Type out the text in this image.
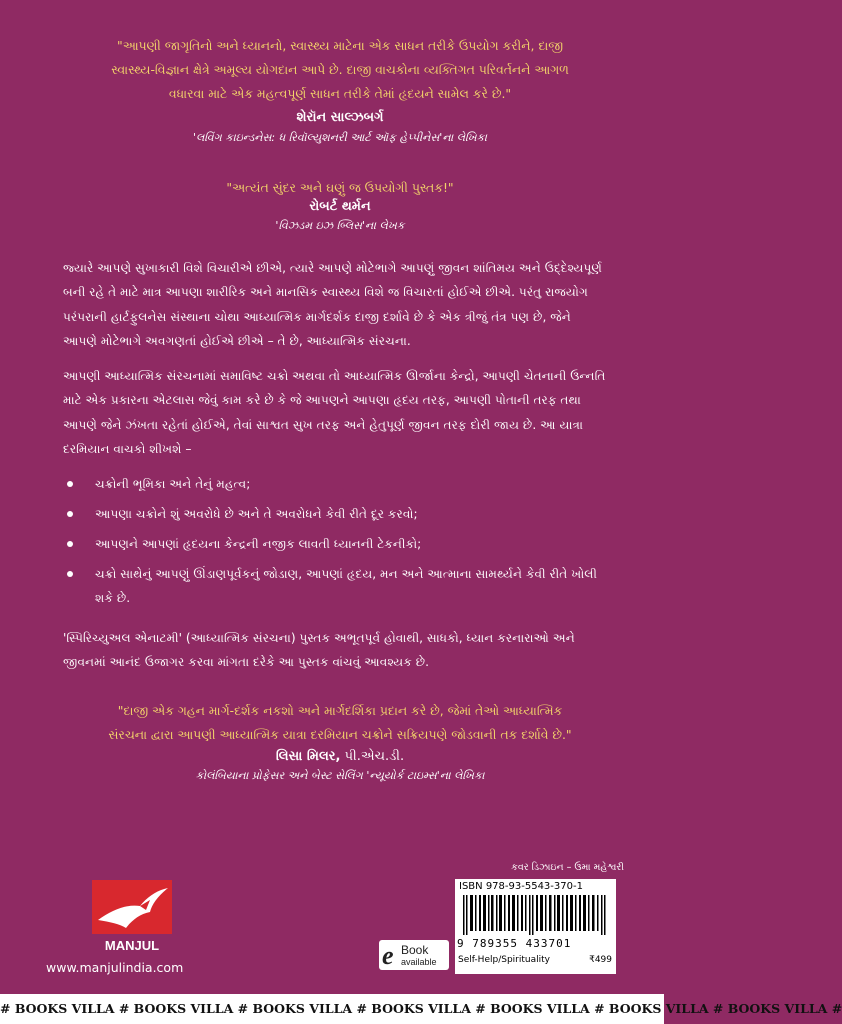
"આપણી જાગૃતિનો અને ધ્યાનનો, સ્વાસ્થ્ય માટેના એક સાધન તરીકે ઉપયોગ કરીને, દાજી
સ્વાસ્થ્ય-વિજ્ઞાન ક્ષેત્રે અમૂલ્ય યોગદાન આપે છે. દાજી વાચકોના વ્યક્તિગત પરિવર્તનને આગળ
વધારવા માટે એક મહત્વપૂર્ણ સાધન તરીકે તેમાં હૃદયને સામેલ કરે છે."
શેરૉન સાલ્ઝબર્ગ
'લવિંગ કાઇન્ડનેસ: ધ રિવૉલ્યુશનરી આર્ટ ઑફ હેપ્પીનેસ'ના લેખિકા
"અત્યંત સુંદર અને ઘણું જ ઉપયોગી પુસ્તક!"
રોબર્ટ થર્મન
'વિઝડમ ઇઝ બ્લિસ'ના લેખક
જ્યારે આપણે સુખાકારી વિશે વિચારીએ છીએ, ત્યારે આપણે મોટેભાગે આપણું જીવન શાંતિમય અને ઉદ્દેશ્યપૂર્ણ બની રહે તે માટે માત્ર આપણા શારીરિક અને માનસિક સ્વાસ્થ્ય વિશે જ વિચારતાં હોઈએ છીએ. પરંતુ રાજયોગ પરંપરાની હાર્ટફુલનેસ સંસ્થાના ચોથા આધ્યાત્મિક માર્ગદર્શક દાજી દર્શાવે છે કે એક ત્રીજું તંત્ર પણ છે, જેને આપણે મોટેભાગે અવગણતાં હોઈએ છીએ – તે છે, આધ્યાત્મિક સંરચના.
આપણી આધ્યાત્મિક સંરચનામાં સમાવિષ્ટ ચક્રો અથવા તો આધ્યાત્મિક ઊર્જાના કેન્દ્રો, આપણી ચેતનાની ઉન્નતિ માટે એક પ્રકારના એટલાસ જેવું કામ કરે છે કે જે આપણને આપણા હૃદય તરફ, આપણી પોતાની તરફ તથા આપણે જેને ઝંખતા રહેતાં હોઈએ, તેવાં સાશ્વત સુખ તરફ અને હેતુપૂર્ણ જીવન તરફ દોરી જાય છે. આ યાત્રા દરમિયાન વાચકો શીખશે –
ચક્રોની ભૂમિકા અને તેનું મહત્વ;
આપણા ચક્રોને શું અવરોધે છે અને તે અવરોધને કેવી રીતે દૂર કરવો;
આપણને આપણાં હૃદયના કેન્દ્રની નજીક લાવતી ધ્યાનની ટેકનીકો;
ચક્રો સાથેનું આપણું ઊંડાણપૂર્વકનું જોડાણ, આપણાં હૃદય, મન અને આત્માના સામર્થ્યને કેવી રીતે ખોલી શકે છે.
'સ્પિરિચ્યુઅલ એનાટમી' (આધ્યાત્મિક સંરચના) પુસ્તક અભૂતપૂર્વ હોવાથી, સાધકો, ધ્યાન કરનારાઓ અને જીવનમાં આનંદ ઉજાગર કરવા માંગતા દરેકે આ પુસ્તક વાંચવું આવશ્યક છે.
"દાજી એક ગહન માર્ગ-દર્શક નકશો અને માર્ગદર્શિકા પ્રદાન કરે છે, જેમાં તેઓ આધ્યાત્મિક
સંરચના દ્વારા આપણી આધ્યાત્મિક યાત્રા દરમિયાન ચક્રોને સક્રિયપણે જોડવાની તક દર્શાવે છે."
લિસા મિલર, પી.એચ.ડી.
કોલંબિયાના પ્રોફેસર અને બેસ્ટ સેલિંગ 'ન્યૂયોર્ક ટાઇમ્સ'ના લેખિકા
કવર ડિઝાઇન – ઉમા મહેશ્વરી
MANJUL
www.manjulindia.com	e Book
available
ISBN 978-93-5543-370-1
9 789355 433701
Self-Help/Spirituality	₹499
# BOOKS VILLA # BOOKS VILLA # BOOKS VILLA # BOOKS VILLA # BOOKS VILLA # BOOKS VILLA # BOOKS VILLA #
